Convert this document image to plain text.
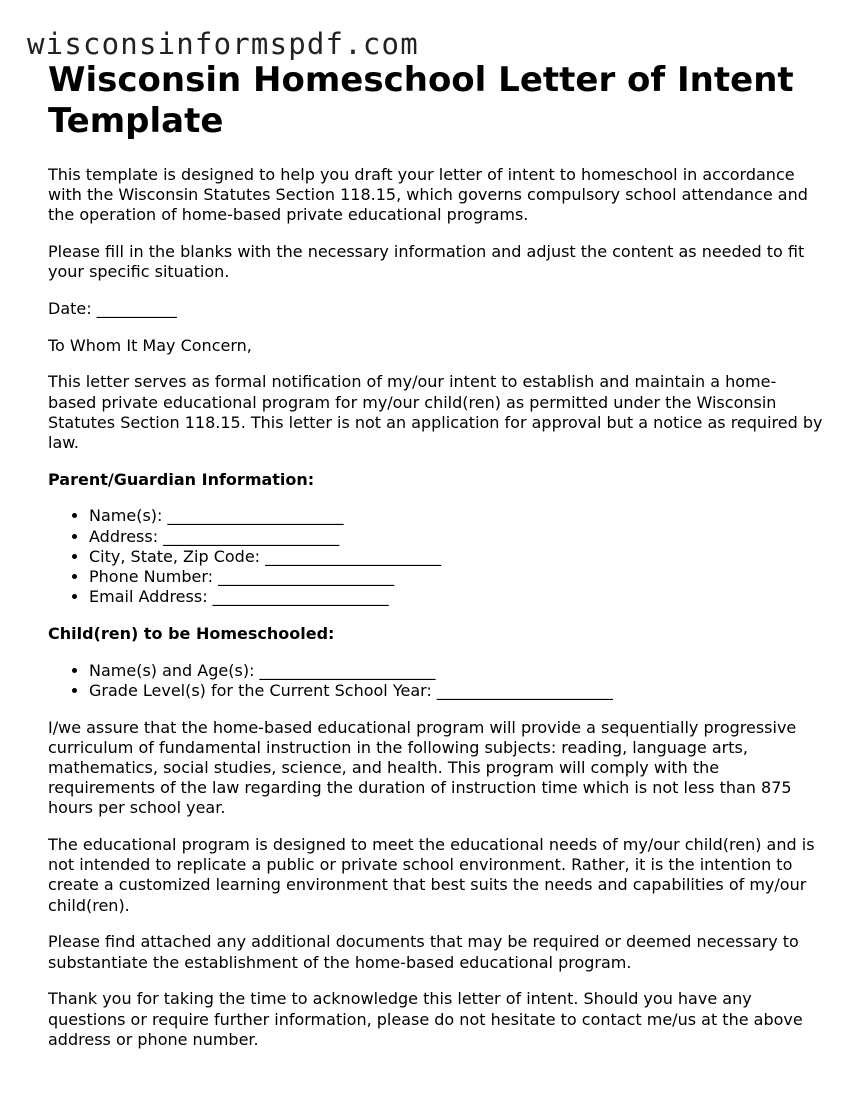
wisconsinformspdf.com
Wisconsin Homeschool Letter of Intent Template

This template is designed to help you draft your letter of intent to homeschool in accordance with the Wisconsin Statutes Section 118.15, which governs compulsory school attendance and the operation of home-based private educational programs.

Please fill in the blanks with the necessary information and adjust the content as needed to fit your specific situation.

Date: __________

To Whom It May Concern,

This letter serves as formal notification of my/our intent to establish and maintain a home-based private educational program for my/our child(ren) as permitted under the Wisconsin Statutes Section 118.15. This letter is not an application for approval but a notice as required by law.

Parent/Guardian Information:

• Name(s): ______________________
• Address: ______________________
• City, State, Zip Code: ______________________
• Phone Number: ______________________
• Email Address: ______________________

Child(ren) to be Homeschooled:

• Name(s) and Age(s): ______________________
• Grade Level(s) for the Current School Year: ______________________

I/we assure that the home-based educational program will provide a sequentially progressive curriculum of fundamental instruction in the following subjects: reading, language arts, mathematics, social studies, science, and health. This program will comply with the requirements of the law regarding the duration of instruction time which is not less than 875 hours per school year.

The educational program is designed to meet the educational needs of my/our child(ren) and is not intended to replicate a public or private school environment. Rather, it is the intention to create a customized learning environment that best suits the needs and capabilities of my/our child(ren).

Please find attached any additional documents that may be required or deemed necessary to substantiate the establishment of the home-based educational program.

Thank you for taking the time to acknowledge this letter of intent. Should you have any questions or require further information, please do not hesitate to contact me/us at the above address or phone number.
